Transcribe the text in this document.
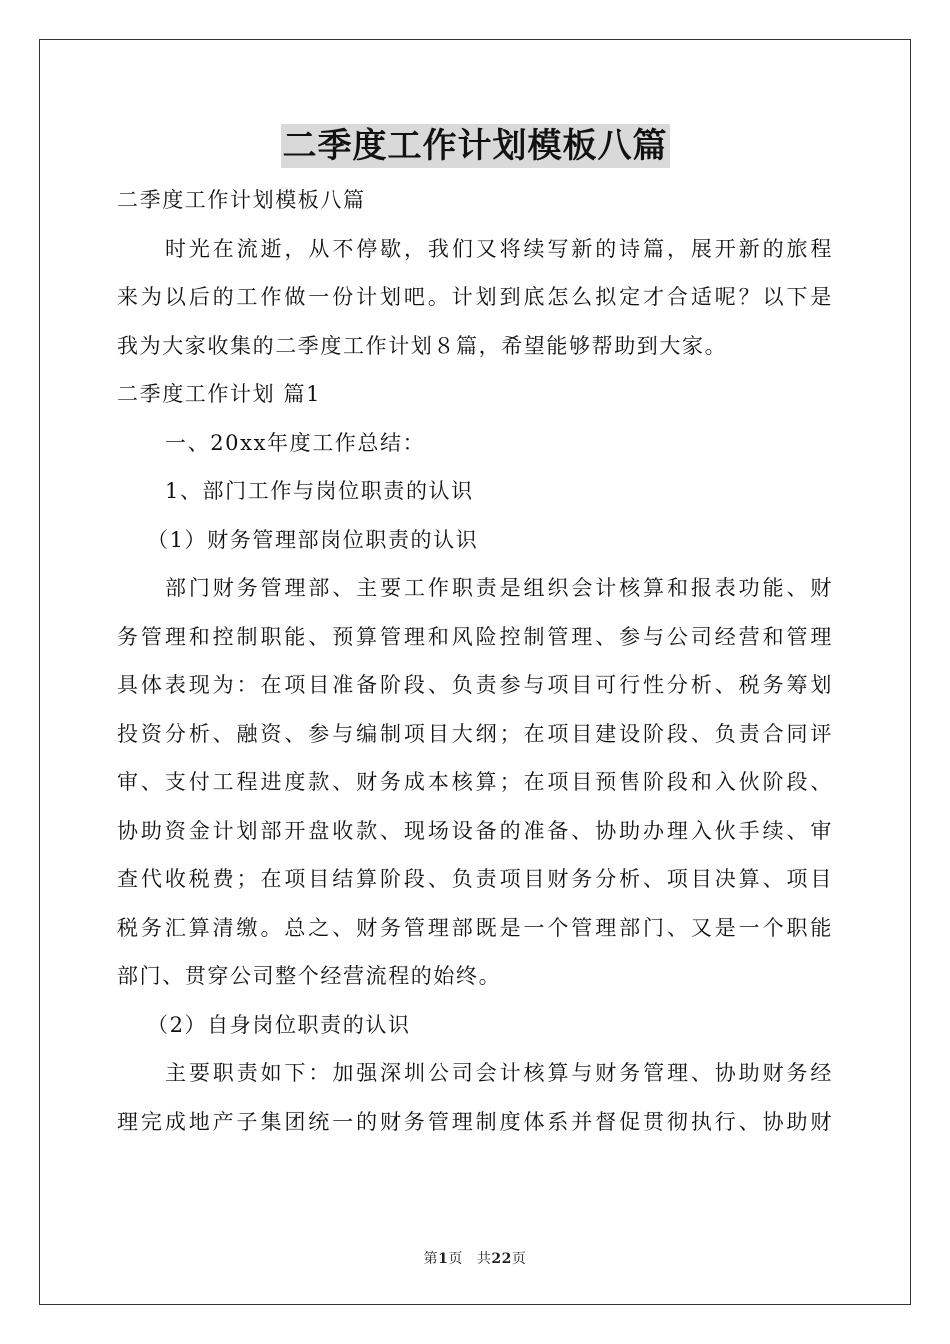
二季度工作计划模板八篇

二季度工作计划模板八篇

时光在流逝，从不停歇，我们又将续写新的诗篇，展开新的旅程

来为以后的工作做一份计划吧。计划到底怎么拟定才合适呢？以下是

我为大家收集的二季度工作计划８篇，希望能够帮助到大家。

二季度工作计划 篇1

一、20xx年度工作总结：

1、部门工作与岗位职责的认识

（1）财务管理部岗位职责的认识

部门财务管理部、主要工作职责是组织会计核算和报表功能、财

务管理和控制职能、预算管理和风险控制管理、参与公司经营和管理

具体表现为：在项目准备阶段、负责参与项目可行性分析、税务筹划

投资分析、融资、参与编制项目大纲；在项目建设阶段、负责合同评

审、支付工程进度款、财务成本核算；在项目预售阶段和入伙阶段、

协助资金计划部开盘收款、现场设备的准备、协助办理入伙手续、审

查代收税费；在项目结算阶段、负责项目财务分析、项目决算、项目

税务汇算清缴。总之、财务管理部既是一个管理部门、又是一个职能

部门、贯穿公司整个经营流程的始终。

（2）自身岗位职责的认识

主要职责如下：加强深圳公司会计核算与财务管理、协助财务经

理完成地产子集团统一的财务管理制度体系并督促贯彻执行、协助财

第1页 共22页
